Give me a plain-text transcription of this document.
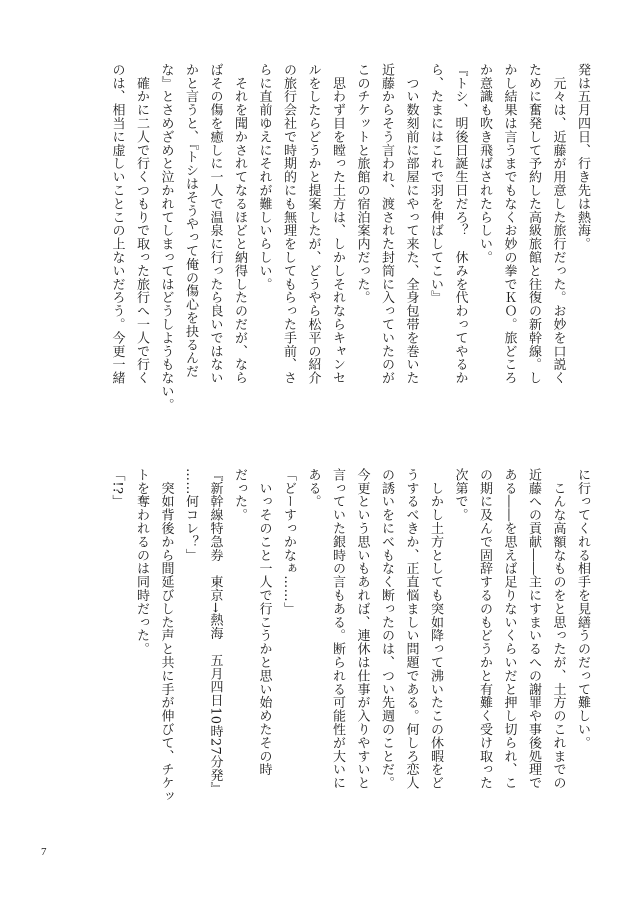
発は五月四日、行き先は熱海。

　元々は、近藤が用意した旅行だった。お妙を口説く

ために奮発して予約した高級旅館と往復の新幹線。し

かし結果は言うまでもなくお妙の拳でＫＯ。旅どころ

か意識も吹き飛ばされたらしい。

『トシ、明後日誕生日だろ？　休みを代わってやるか

ら、たまにはこれで羽を伸ばしてこい』

　つい数刻前に部屋にやって来た、全身包帯を巻いた

近藤からそう言われ、渡された封筒に入っていたのが

このチケットと旅館の宿泊案内だった。

　思わず目を瞠った土方は、しかしそれならキャンセ

ルをしたらどうかと提案したが、どうやら松平の紹介

の旅行会社で時期的にも無理をしてもらった手前、さ

らに直前ゆえにそれが難しいらしい。

　それを聞かされてなるほどと納得したのだが、なら

ばその傷を癒しに一人で温泉に行ったら良いではない

かと言うと、『トシはそうやって俺の傷心を抉るんだ

な』とさめざめと泣かれてしまってはどうしようもない。

　確かに二人で行くつもりで取った旅行へ一人で行く

のは、相当に虚しいことこの上ないだろう。今更一緒

に行ってくれる相手を見繕うのだって難しい。

　こんな高額なものをと思ったが、土方のこれまでの

近藤への貢献――主にすまいるへの謝罪や事後処理で

ある――を思えば足りないくらいだと押し切られ、こ

の期に及んで固辞するのもどうかと有難く受け取った

次第で。

　しかし土方としても突如降って沸いたこの休暇をど

うするべきか、正直悩ましい問題である。何しろ恋人

の誘いをにべもなく断ったのは、つい先週のことだ。

今更という思いもあれば、連休は仕事が入りやすいと

言っていた銀時の言もある。断られる可能性が大いに

ある。

「どーすっかなぁ……」

　いっそのこと一人で行こうかと思い始めたその時

だった。

『新幹線特急券　東京→熱海　五月四日10時27分発』

……何コレ？」

　突如背後から間延びした声と共に手が伸びて、チケッ

トを奪われるのは同時だった。

「!?」

7
